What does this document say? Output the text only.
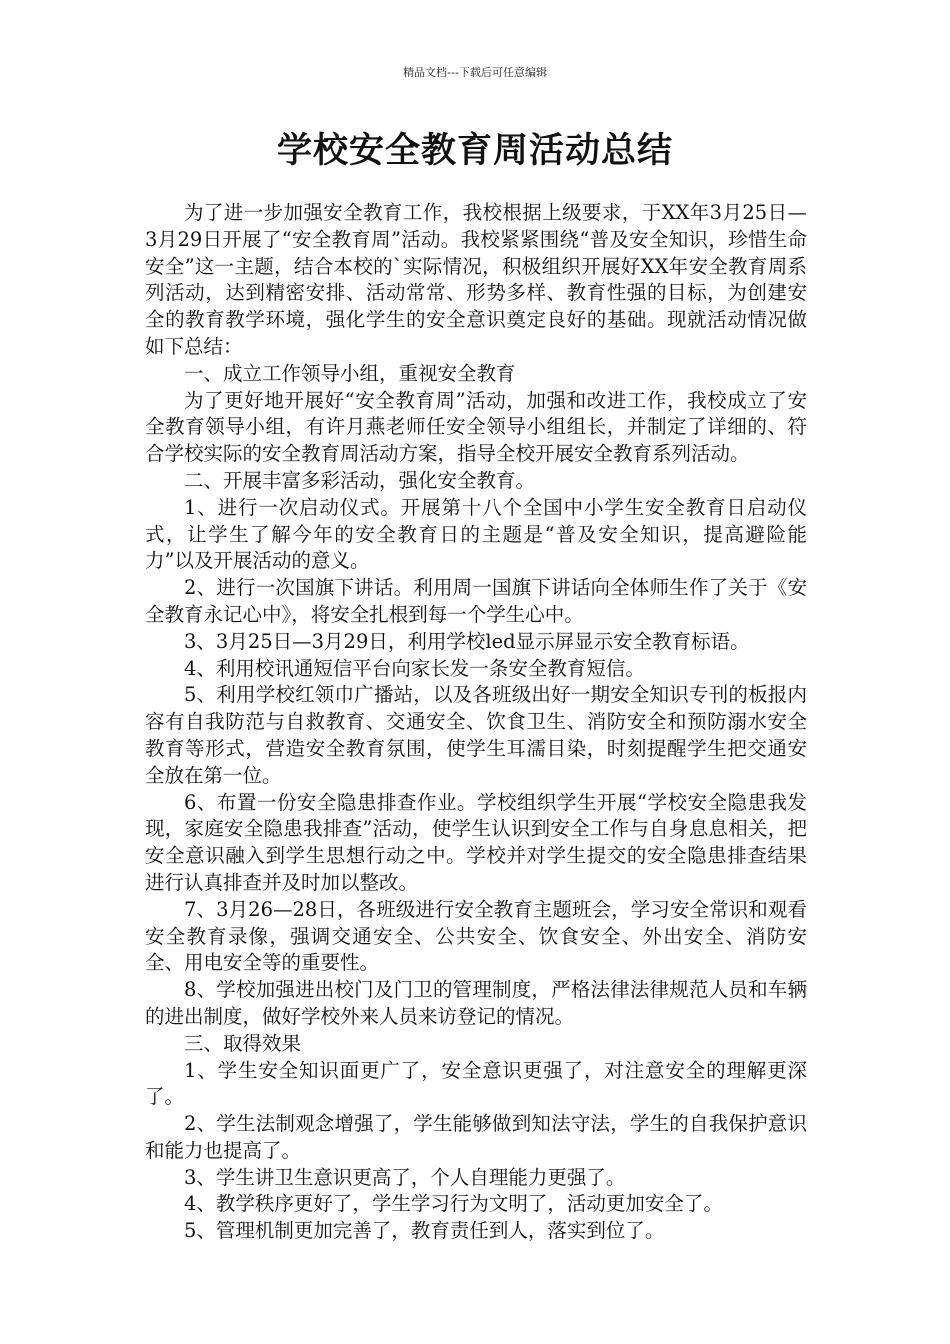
精品文档---下载后可任意编辑
学校安全教育周活动总结

为了进一步加强安全教育工作，我校根据上级要求，于XX年3月25日—3月29日开展了“安全教育周”活动。我校紧紧围绕“普及安全知识，珍惜生命安全”这一主题，结合本校的`实际情况，积极组织开展好XX年安全教育周系列活动，达到精密安排、活动常常、形势多样、教育性强的目标，为创建安全的教育教学环境，强化学生的安全意识奠定良好的基础。现就活动情况做如下总结：

一、成立工作领导小组，重视安全教育

为了更好地开展好“安全教育周”活动，加强和改进工作，我校成立了安全教育领导小组，有许月燕老师任安全领导小组组长，并制定了详细的、符合学校实际的安全教育周活动方案，指导全校开展安全教育系列活动。

二、开展丰富多彩活动，强化安全教育。

1、进行一次启动仪式。开展第十八个全国中小学生安全教育日启动仪式，让学生了解今年的安全教育日的主题是“普及安全知识，提高避险能力”以及开展活动的意义。

2、进行一次国旗下讲话。利用周一国旗下讲话向全体师生作了关于《安全教育永记心中》，将安全扎根到每一个学生心中。

3、3月25日—3月29日，利用学校led显示屏显示安全教育标语。

4、利用校讯通短信平台向家长发一条安全教育短信。

5、利用学校红领巾广播站，以及各班级出好一期安全知识专刊的板报内容有自我防范与自救教育、交通安全、饮食卫生、消防安全和预防溺水安全教育等形式，营造安全教育氛围，使学生耳濡目染，时刻提醒学生把交通安全放在第一位。

6、布置一份安全隐患排查作业。学校组织学生开展“学校安全隐患我发现，家庭安全隐患我排查”活动，使学生认识到安全工作与自身息息相关，把安全意识融入到学生思想行动之中。学校并对学生提交的安全隐患排查结果进行认真排查并及时加以整改。

7、3月26—28日，各班级进行安全教育主题班会，学习安全常识和观看安全教育录像，强调交通安全、公共安全、饮食安全、外出安全、消防安全、用电安全等的重要性。

8、学校加强进出校门及门卫的管理制度，严格法律法律规范人员和车辆的进出制度，做好学校外来人员来访登记的情况。

三、取得效果

1、学生安全知识面更广了，安全意识更强了，对注意安全的理解更深了。

2、学生法制观念增强了，学生能够做到知法守法，学生的自我保护意识和能力也提高了。

3、学生讲卫生意识更高了，个人自理能力更强了。

4、教学秩序更好了，学生学习行为文明了，活动更加安全了。

5、管理机制更加完善了，教育责任到人，落实到位了。
